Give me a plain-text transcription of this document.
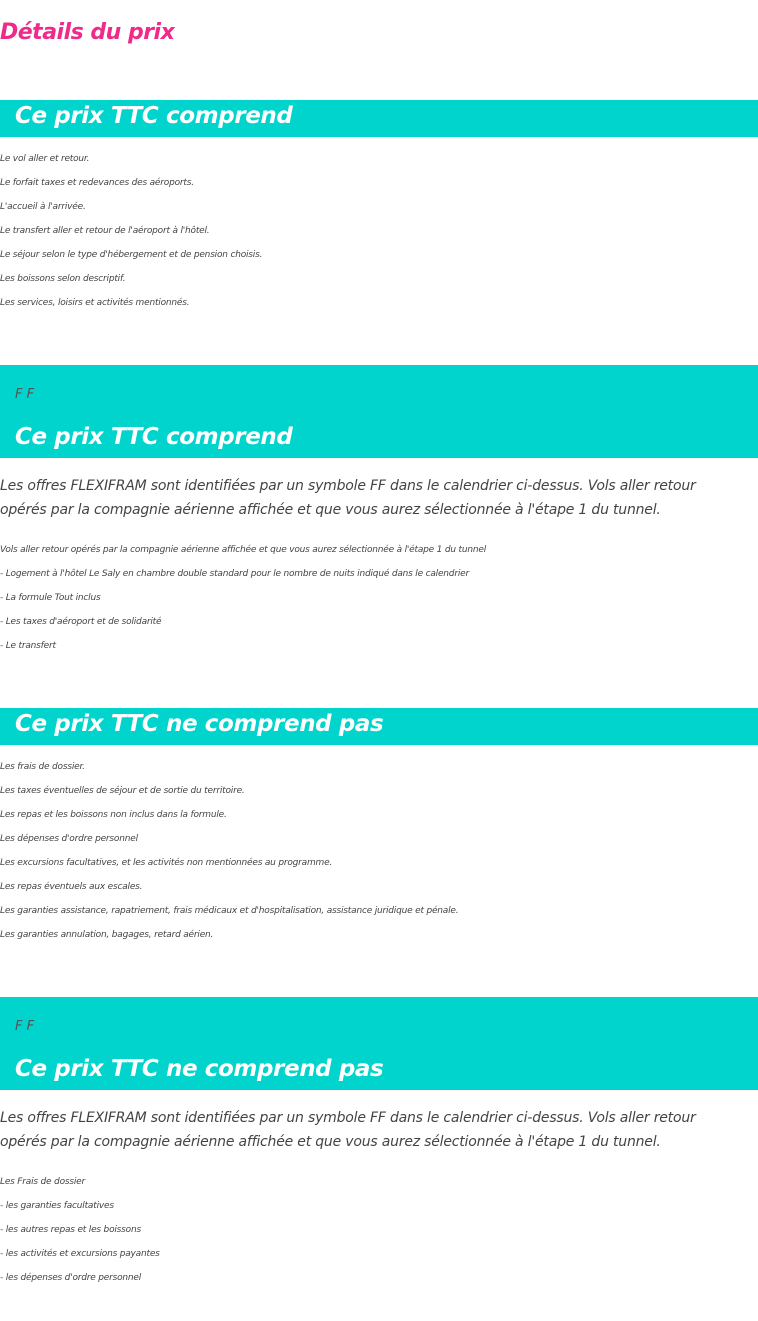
Détails du prix
Ce prix TTC comprend
Le vol aller et retour.
Le forfait taxes et redevances des aéroports.
L'accueil à l'arrivée.
Le transfert aller et retour de l'aéroport à l'hôtel.
Le séjour selon le type d'hébergement et de pension choisis.
Les boissons selon descriptif.
Les services, loisirs et activités mentionnés.
F F
Ce prix TTC comprend

Les offres FLEXIFRAM sont identifiées par un symbole FF dans le calendrier ci-dessus. Vols aller retour opérés par la compagnie aérienne affichée et que vous aurez sélectionnée à l'étape 1 du tunnel.

Vols aller retour opérés par la compagnie aérienne affichée et que vous aurez sélectionnée à l'étape 1 du tunnel
- Logement à l'hôtel Le Saly en chambre double standard pour le nombre de nuits indiqué dans le calendrier
- La formule Tout inclus
- Les taxes d'aéroport et de solidarité
- Le transfert
Ce prix TTC ne comprend pas
Les frais de dossier.
Les taxes éventuelles de séjour et de sortie du territoire.
Les repas et les boissons non inclus dans la formule.
Les dépenses d'ordre personnel
Les excursions facultatives, et les activités non mentionnées au programme.
Les repas éventuels aux escales.
Les garanties assistance, rapatriement, frais médicaux et d'hospitalisation, assistance juridique et pénale.
Les garanties annulation, bagages, retard aérien.
F F
Ce prix TTC ne comprend pas

Les offres FLEXIFRAM sont identifiées par un symbole FF dans le calendrier ci-dessus. Vols aller retour opérés par la compagnie aérienne affichée et que vous aurez sélectionnée à l'étape 1 du tunnel.

Les Frais de dossier
- les garanties facultatives
- les autres repas et les boissons
- les activités et excursions payantes
- les dépenses d'ordre personnel
